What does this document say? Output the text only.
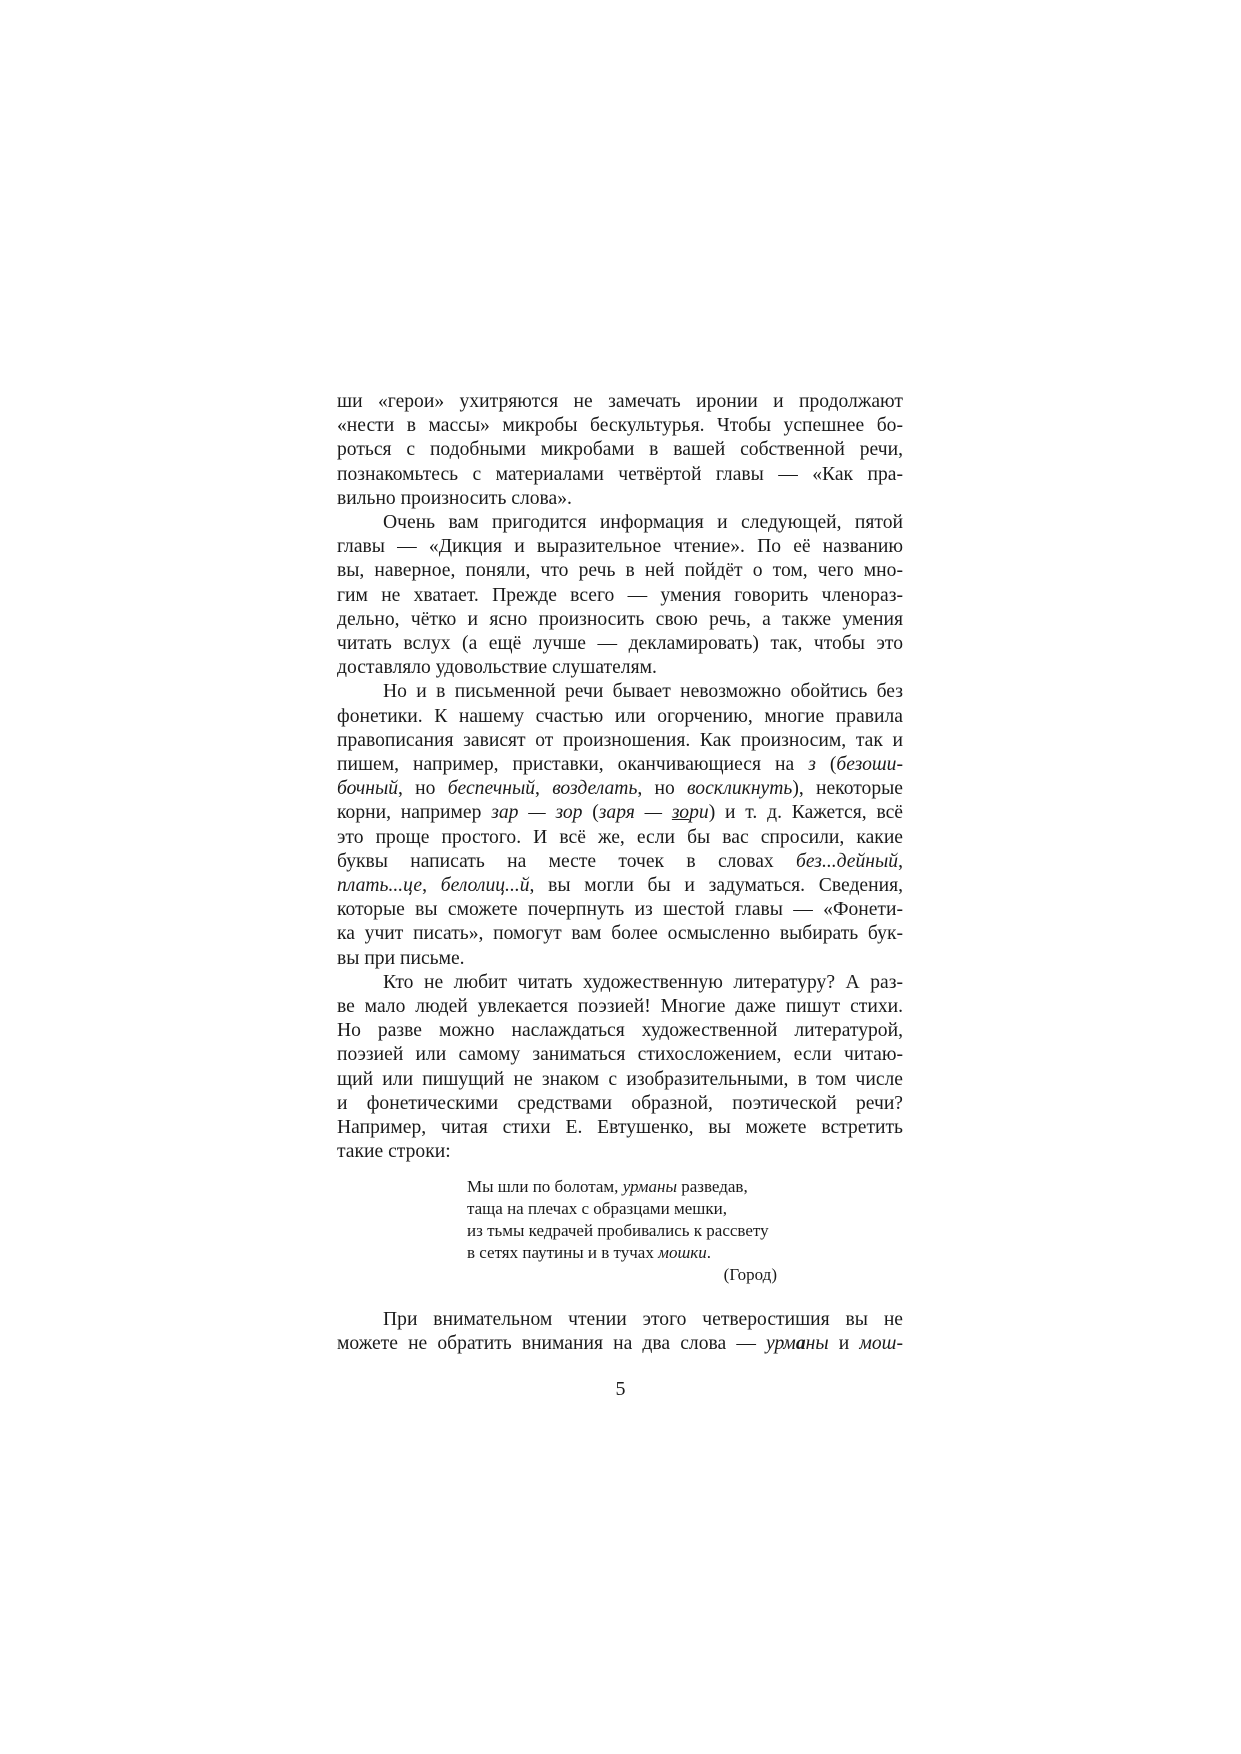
ши «герои» ухитряются не замечать иронии и продолжают
«нести в массы» микробы бескультурья. Чтобы успешнее бо-
роться с подобными микробами в вашей собственной речи,
познакомьтесь с материалами четвёртой главы — «Как пра-
вильно произносить слова».
Очень вам пригодится информация и следующей, пятой
главы — «Дикция и выразительное чтение». По её названию
вы, наверное, поняли, что речь в ней пойдёт о том, чего мно-
гим не хватает. Прежде всего — умения говорить членораз-
дельно, чётко и ясно произносить свою речь, а также умения
читать вслух (а ещё лучше — декламировать) так, чтобы это
доставляло удовольствие слушателям.
Но и в письменной речи бывает невозможно обойтись без
фонетики. К нашему счастью или огорчению, многие правила
правописания зависят от произношения. Как произносим, так и
пишем, например, приставки, оканчивающиеся на з (безоши-
бочный, но беспечный, возделать, но воскликнуть), некоторые
корни, например зар — зор (заря — зори) и т. д. Кажется, всё
это проще простого. И всё же, если бы вас спросили, какие
буквы написать на месте точек в словах без...дейный,
плать...це, белолиц...й, вы могли бы и задуматься. Сведения,
которые вы сможете почерпнуть из шестой главы — «Фонети-
ка учит писать», помогут вам более осмысленно выбирать бук-
вы при письме.
Кто не любит читать художественную литературу? А раз-
ве мало людей увлекается поэзией! Многие даже пишут стихи.
Но разве можно наслаждаться художественной литературой,
поэзией или самому заниматься стихосложением, если читаю-
щий или пишущий не знаком с изобразительными, в том числе
и фонетическими средствами образной, поэтической речи?
Например, читая стихи Е. Евтушенко, вы можете встретить
такие строки:
Мы шли по болотам, урмaны разведав,
таща на плечах с образцами мешки,
из тьмы кедрачей пробивались к рассвету
в сетях паутины и в тучах мошкu.
(Город)
При внимательном чтении этого четверостишия вы не
можете не обратить внимания на два слова — урманы и мош-
5
